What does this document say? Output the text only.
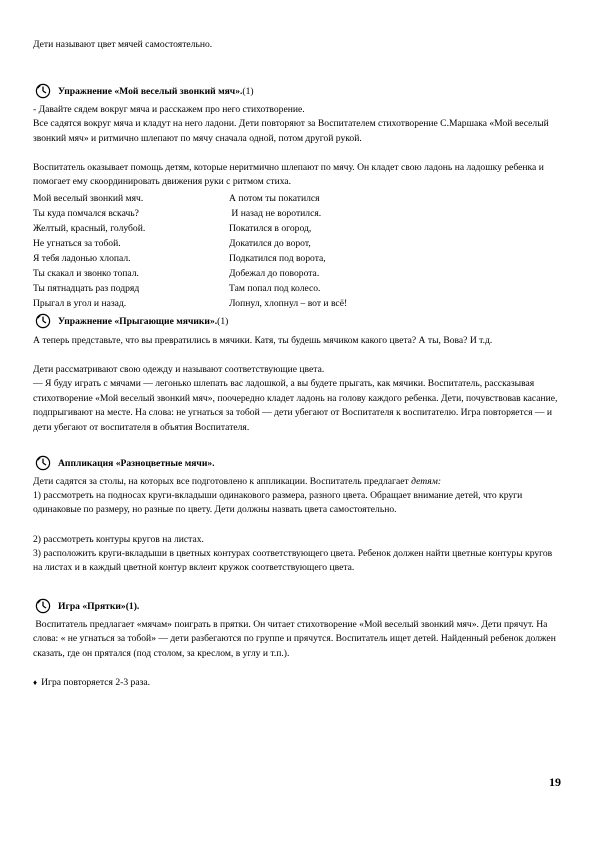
Дети называют цвет мячей самостоятельно.
Упражнение «Мой веселый звонкий мяч». (1)

- Давайте сядем вокруг мяча и расскажем про него стихотворение.
Все садятся вокруг мяча и кладут на него ладони. Дети повторяют за Воспитателем стихотворение С.Маршака «Мой веселый звонкий мяч» и ритмично шлепают по мячу сначала одной, потом другой рукой.

Воспитатель оказывает помощь детям, которые неритмично шлепают по мячу. Он кладет свою ладонь на ладошку ребенка и помогает ему скоординировать движения руки с ритмом стиха.

Мой веселый звонкий мяч.	А потом ты покатился
Ты куда помчался вскачь?	И назад не воротился.
Желтый, красный, голубой.	Покатился в огород,
Не угнаться за тобой.	Докатился до ворот,
Я тебя ладонью хлопал.	Подкатился под ворота,
Ты скакал и звонко топал.	Добежал до поворота.
Ты пятнадцать раз подряд	Там попал под колесо.
Прыгал в угол и назад.	Лопнул, хлопнул – вот и всё!
Упражнение «Прыгающие мячики». (1)

А теперь представьте, что вы превратились в мячики. Катя, ты будешь мячиком какого цвета? А ты, Вова? И т.д.

Дети рассматривают свою одежду и называют соответствующие цвета.
— Я буду играть с мячами — легонько шлепать вас ладошкой, а вы будете прыгать, как мячики. Воспитатель, рассказывая стихотворение «Мой веселый звонкий мяч», поочередно кладет ладонь на голову каждого ребенка. Дети, почувствовав касание, подпрыгивают на месте. На слова: не угнаться за тобой — дети убегают от Воспитателя к воспитателю. Игра повторяется — и дети убегают от воспитателя в объятия Воспитателя.

Аппликация «Разноцветные мячи».

Дети садятся за столы, на которых все подготовлено к аппликации. Воспитатель предлагает детям:

1) рассмотреть на подносах круги-вкладыши одинакового размера, разного цвета. Обращает внимание детей, что круги одинаковые по размеру, но разные по цвету. Дети должны назвать цвета самостоятельно.

2) рассмотреть контуры кругов на листах.

3) расположить круги-вкладыши в цветных контурах соответствующего цвета. Ребенок должен найти цветные контуры кругов на листах и в каждый цветной контур вклеит кружок соответствующего цвета.

Игра «Прятки» (1).

Воспитатель предлагает «мячам» поиграть в прятки. Он читает стихотворение «Мой веселый звонкий мяч». Дети прячут. На слова: « не угнаться за тобой» — дети разбегаются по группе и прячутся. Воспитатель ищет детей. Найденный ребенок должен сказать, где он прятался (под столом, за креслом, в углу и т.п.).

♦ Игра повторяется 2-3 раза.
19
